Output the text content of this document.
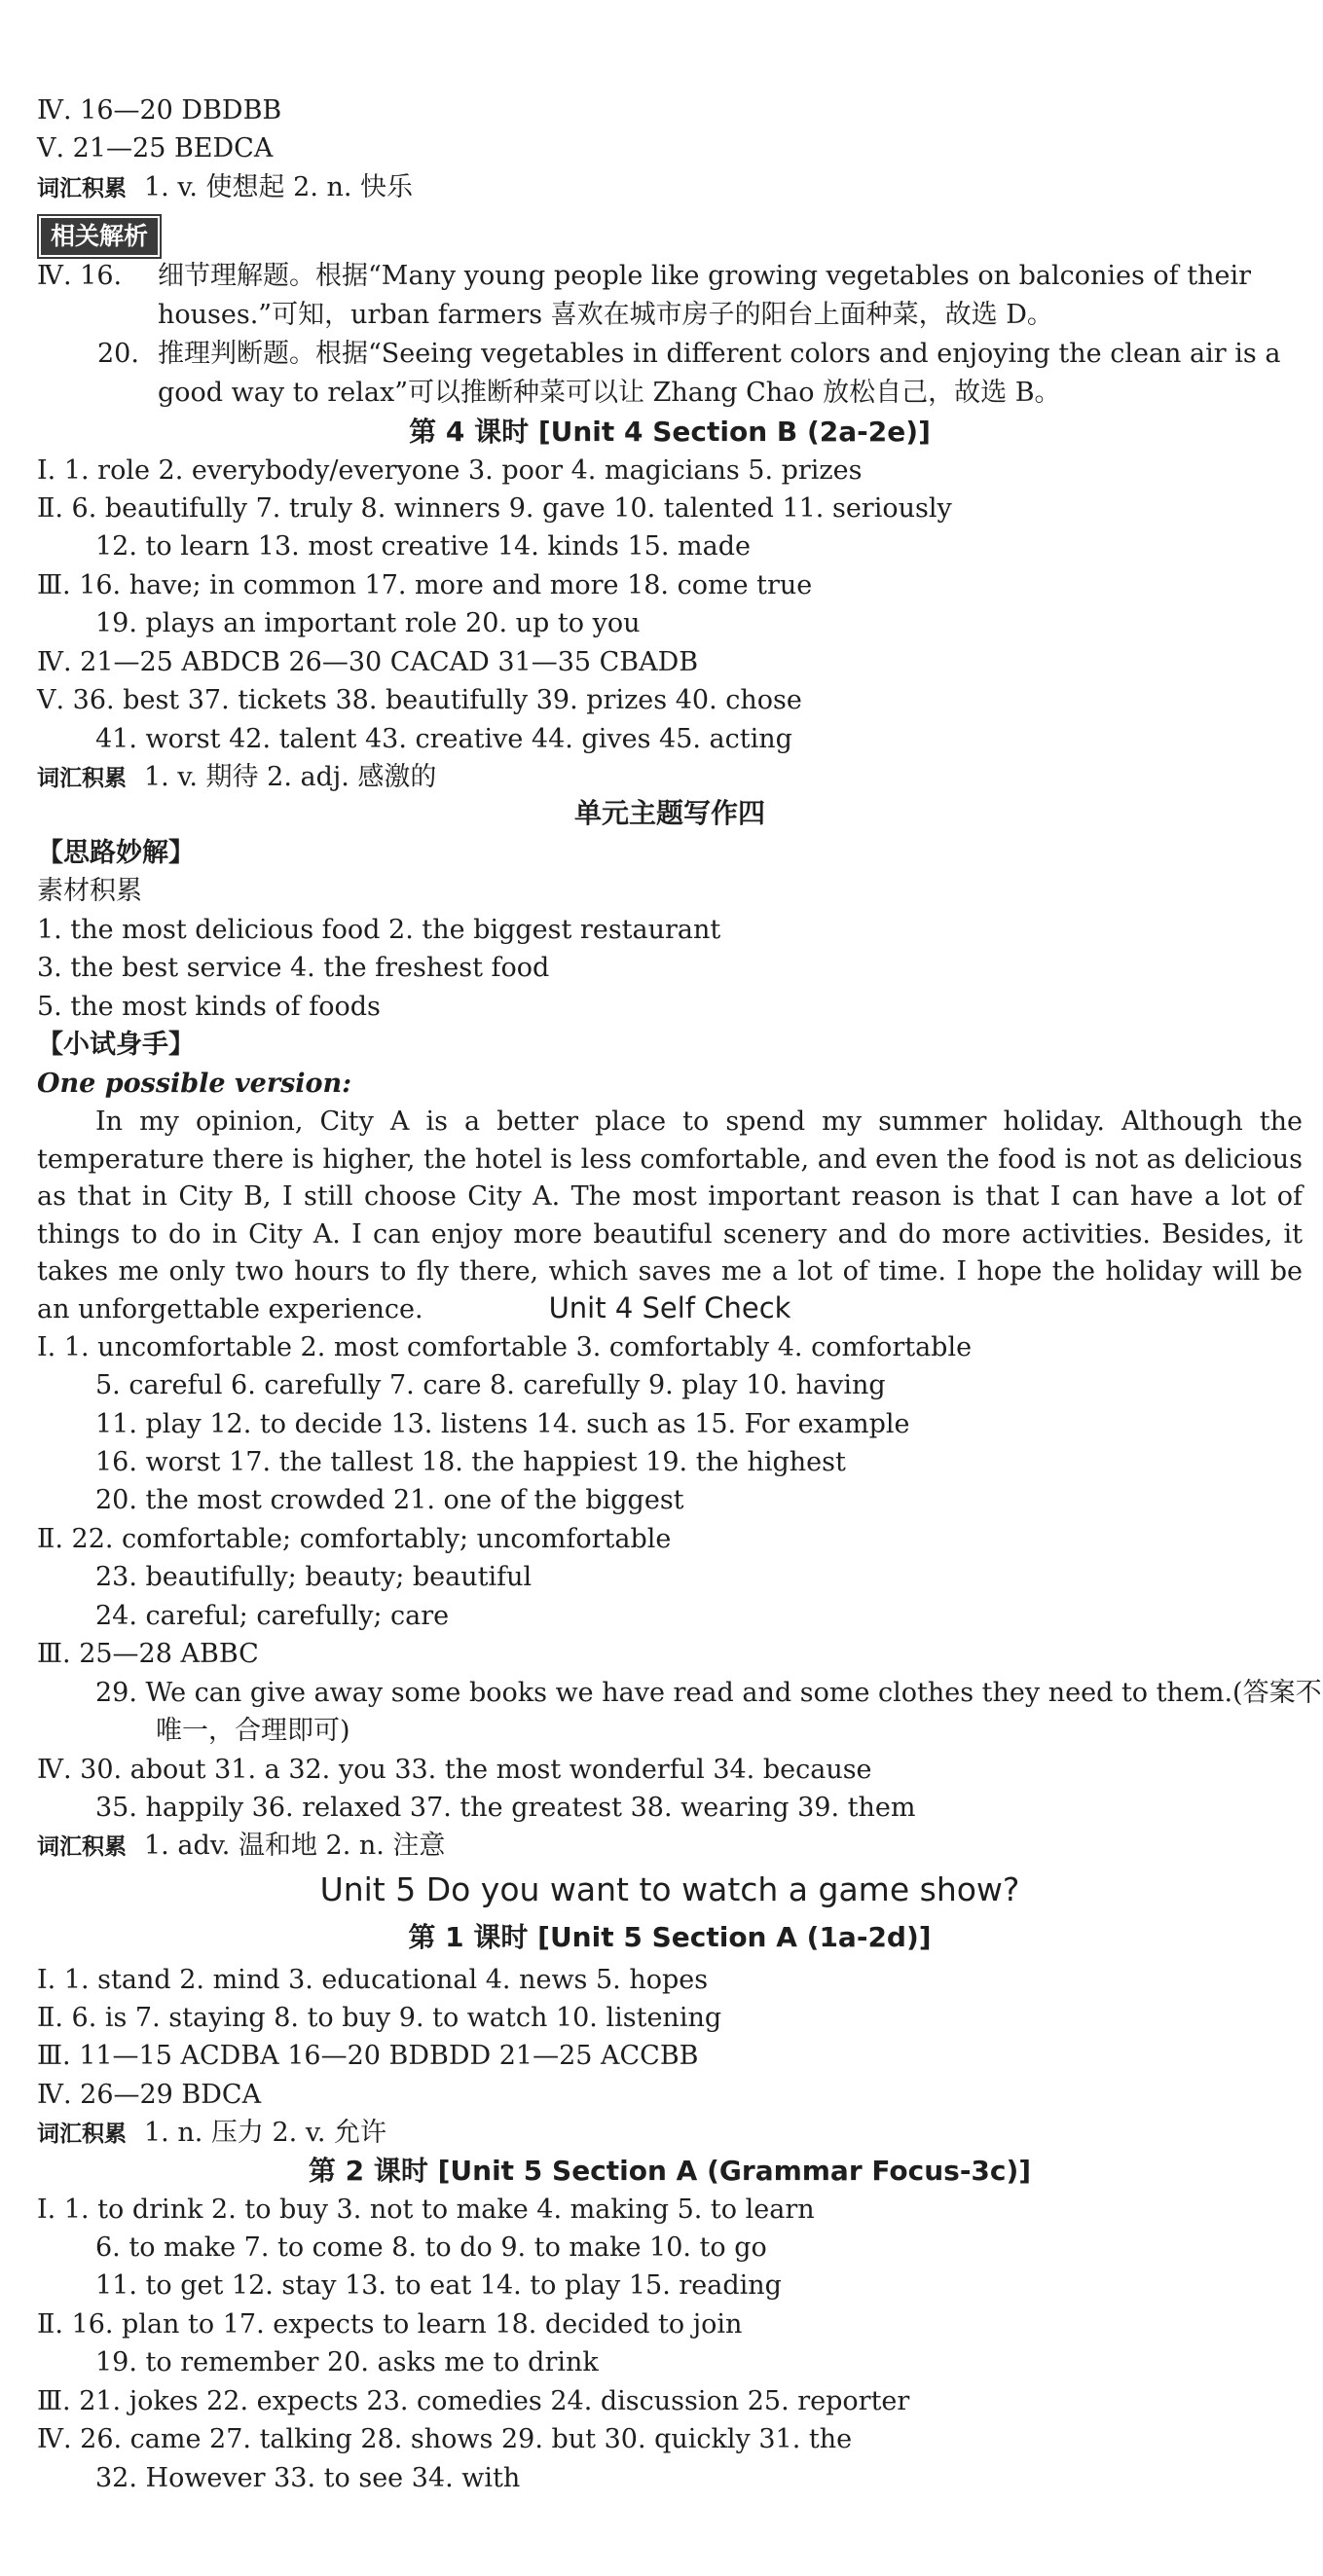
Ⅳ. 16—20 DBDBB
Ⅴ. 21—25 BEDCA
词汇积累 1. v. 使想起 2. n. 快乐
相关解析
Ⅳ. 16. 细节理解题。根据“Many young people like growing vegetables on balconies of their
houses.”可知，urban farmers 喜欢在城市房子的阳台上面种菜，故选 D。
20. 推理判断题。根据“Seeing vegetables in different colors and enjoying the clean air is a
good way to relax”可以推断种菜可以让 Zhang Chao 放松自己，故选 B。
第 4 课时 [Unit 4 Section B (2a-2e)]
Ⅰ. 1. role 2. everybody/everyone 3. poor 4. magicians 5. prizes
Ⅱ. 6. beautifully 7. truly 8. winners 9. gave 10. talented 11. seriously
12. to learn 13. most creative 14. kinds 15. made
Ⅲ. 16. have; in common 17. more and more 18. come true
19. plays an important role 20. up to you
Ⅳ. 21—25 ABDCB 26—30 CACAD 31—35 CBADB
Ⅴ. 36. best 37. tickets 38. beautifully 39. prizes 40. chose
41. worst 42. talent 43. creative 44. gives 45. acting
词汇积累 1. v. 期待 2. adj. 感激的
单元主题写作四
【思路妙解】
素材积累
1. the most delicious food 2. the biggest restaurant
3. the best service 4. the freshest food
5. the most kinds of foods
【小试身手】
One possible version:
In my opinion, City A is a better place to spend my summer holiday. Although the temperature there is higher, the hotel is less comfortable, and even the food is not as delicious as that in City B, I still choose City A. The most important reason is that I can have a lot of things to do in City A. I can enjoy more beautiful scenery and do more activities. Besides, it takes me only two hours to fly there, which saves me a lot of time. I hope the holiday will be an unforgettable experience.	Unit 4 Self Check
Ⅰ. 1. uncomfortable 2. most comfortable 3. comfortably 4. comfortable
5. careful 6. carefully 7. care 8. carefully 9. play 10. having
11. play 12. to decide 13. listens 14. such as 15. For example
16. worst 17. the tallest 18. the happiest 19. the highest
20. the most crowded 21. one of the biggest
Ⅱ. 22. comfortable; comfortably; uncomfortable
23. beautifully; beauty; beautiful
24. careful; carefully; care
Ⅲ. 25—28 ABBC
29. We can give away some books we have read and some clothes they need to them.(答案不
唯一，合理即可)
Ⅳ. 30. about 31. a 32. you 33. the most wonderful 34. because
35. happily 36. relaxed 37. the greatest 38. wearing 39. them
词汇积累 1. adv. 温和地 2. n. 注意
Unit 5 Do you want to watch a game show?
第 1 课时 [Unit 5 Section A (1a-2d)]
Ⅰ. 1. stand 2. mind 3. educational 4. news 5. hopes
Ⅱ. 6. is 7. staying 8. to buy 9. to watch 10. listening
Ⅲ. 11—15 ACDBA 16—20 BDBDD 21—25 ACCBB
Ⅳ. 26—29 BDCA
词汇积累 1. n. 压力 2. v. 允许
第 2 课时 [Unit 5 Section A (Grammar Focus-3c)]
Ⅰ. 1. to drink 2. to buy 3. not to make 4. making 5. to learn
6. to make 7. to come 8. to do 9. to make 10. to go
11. to get 12. stay 13. to eat 14. to play 15. reading
Ⅱ. 16. plan to 17. expects to learn 18. decided to join
19. to remember 20. asks me to drink
Ⅲ. 21. jokes 22. expects 23. comedies 24. discussion 25. reporter
Ⅳ. 26. came 27. talking 28. shows 29. but 30. quickly 31. the
32. However 33. to see 34. with
